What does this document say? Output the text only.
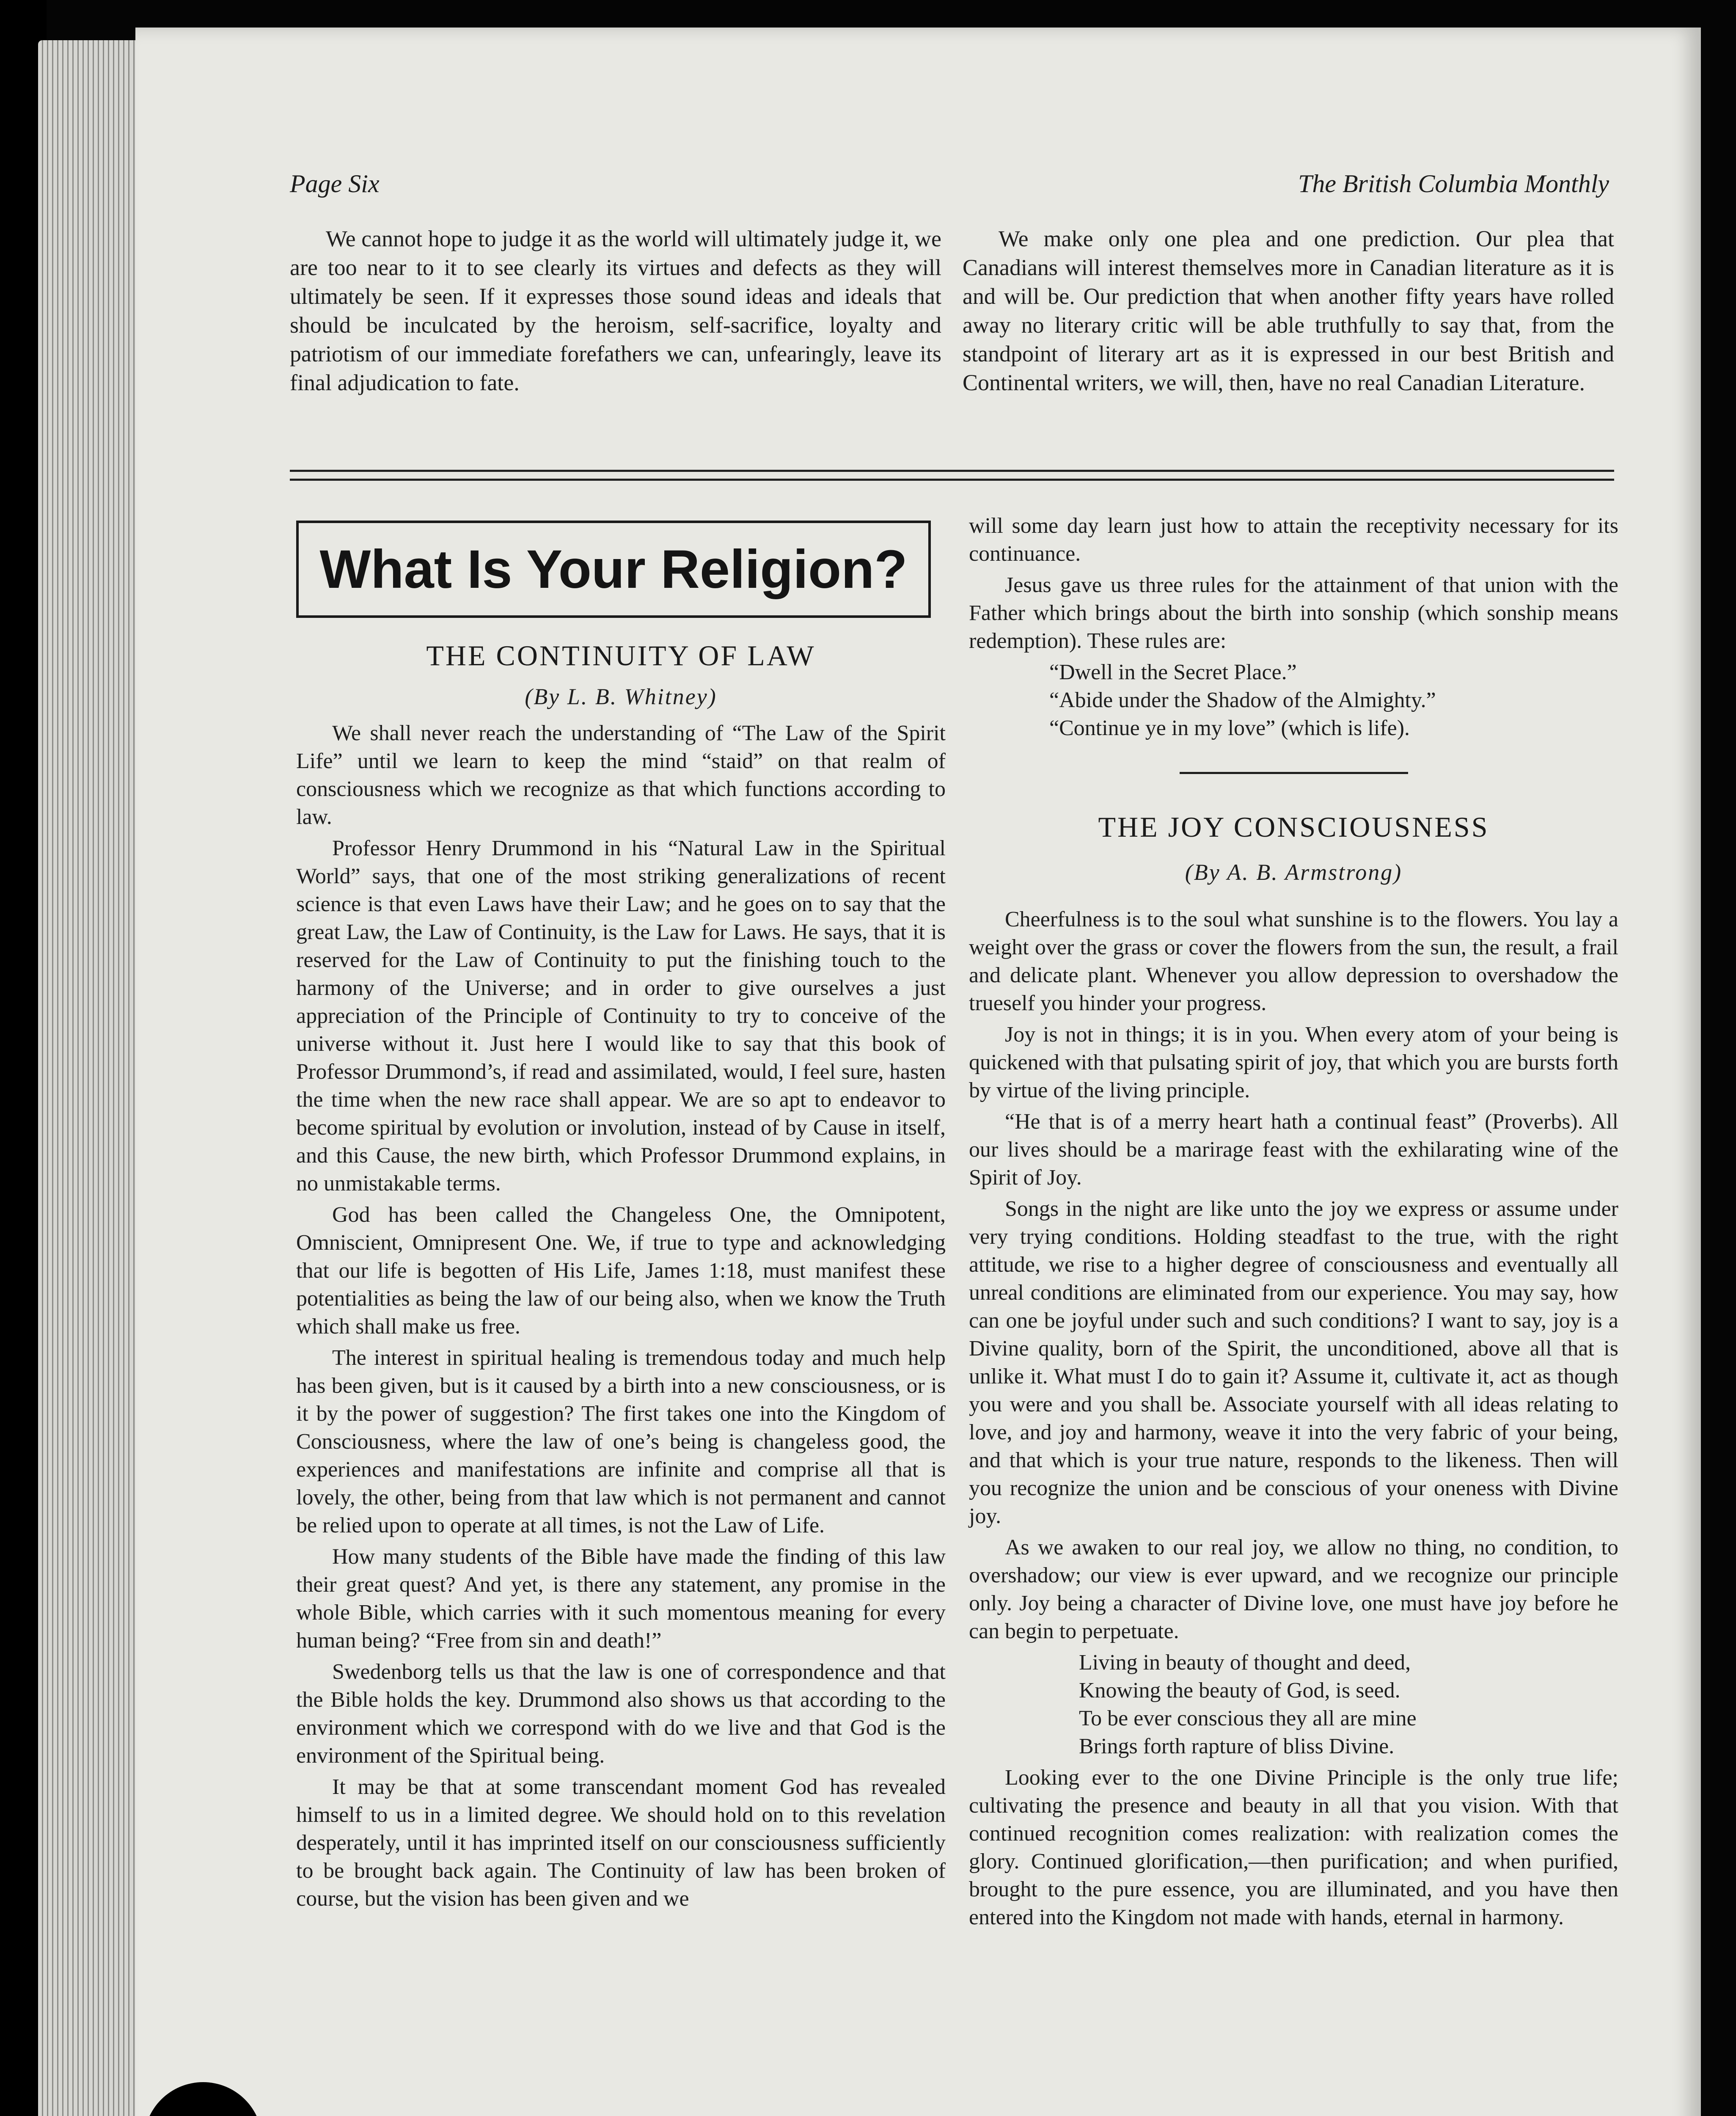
Page Six	The British Columbia Monthly

We cannot hope to judge it as the world will ultimately judge it, we are too near to it to see clearly its virtues and defects as they will ultimately be seen. If it expresses those sound ideas and ideals that should be inculcated by the heroism, self-sacrifice, loyalty and patriotism of our immediate forefathers we can, unfearingly, leave its final adjudication to fate.

We make only one plea and one prediction. Our plea that Canadians will interest themselves more in Canadian literature as it is and will be. Our prediction that when another fifty years have rolled away no literary critic will be able truthfully to say that, from the standpoint of literary art as it is expressed in our best British and Continental writers, we will, then, have no real Canadian Literature.

What Is Your Religion?
THE CONTINUITY OF LAW
(By L. B. Whitney)

We shall never reach the understanding of “The Law of the Spirit Life” until we learn to keep the mind “staid” on that realm of consciousness which we recognize as that which functions according to law.

Professor Henry Drummond in his “Natural Law in the Spiritual World” says, that one of the most striking generalizations of recent science is that even Laws have their Law; and he goes on to say that the great Law, the Law of Continuity, is the Law for Laws. He says, that it is reserved for the Law of Continuity to put the finishing touch to the harmony of the Universe; and in order to give ourselves a just appreciation of the Principle of Continuity to try to conceive of the universe without it. Just here I would like to say that this book of Professor Drummond’s, if read and assimilated, would, I feel sure, hasten the time when the new race shall appear. We are so apt to endeavor to become spiritual by evolution or involution, instead of by Cause in itself, and this Cause, the new birth, which Professor Drummond explains, in no unmistakable terms.

God has been called the Changeless One, the Omnipotent, Omniscient, Omnipresent One. We, if true to type and acknowledging that our life is begotten of His Life, James 1:18, must manifest these potentialities as being the law of our being also, when we know the Truth which shall make us free.

The interest in spiritual healing is tremendous today and much help has been given, but is it caused by a birth into a new consciousness, or is it by the power of suggestion? The first takes one into the Kingdom of Consciousness, where the law of one’s being is changeless good, the experiences and manifestations are infinite and comprise all that is lovely, the other, being from that law which is not permanent and cannot be relied upon to operate at all times, is not the Law of Life.

How many students of the Bible have made the finding of this law their great quest? And yet, is there any statement, any promise in the whole Bible, which carries with it such momentous meaning for every human being? “Free from sin and death!”

Swedenborg tells us that the law is one of correspondence and that the Bible holds the key. Drummond also shows us that according to the environment which we correspond with do we live and that God is the environment of the Spiritual being.

It may be that at some transcendant moment God has revealed himself to us in a limited degree. We should hold on to this revelation desperately, until it has imprinted itself on our consciousness sufficiently to be brought back again. The Continuity of law has been broken of course, but the vision has been given and we

will some day learn just how to attain the receptivity necessary for its continuance.

Jesus gave us three rules for the attainment of that union with the Father which brings about the birth into sonship (which sonship means redemption). These rules are:

“Dwell in the Secret Place.”
“Abide under the Shadow of the Almighty.”
“Continue ye in my love” (which is life).
THE JOY CONSCIOUSNESS
(By A. B. Armstrong)

Cheerfulness is to the soul what sunshine is to the flowers. You lay a weight over the grass or cover the flowers from the sun, the result, a frail and delicate plant. Whenever you allow depression to overshadow the trueself you hinder your progress.

Joy is not in things; it is in you. When every atom of your being is quickened with that pulsating spirit of joy, that which you are bursts forth by virtue of the living principle.

“He that is of a merry heart hath a continual feast” (Proverbs). All our lives should be a marirage feast with the exhilarating wine of the Spirit of Joy.

Songs in the night are like unto the joy we express or assume under very trying conditions. Holding steadfast to the true, with the right attitude, we rise to a higher degree of consciousness and eventually all unreal conditions are eliminated from our experience. You may say, how can one be joyful under such and such conditions? I want to say, joy is a Divine quality, born of the Spirit, the unconditioned, above all that is unlike it. What must I do to gain it? Assume it, cultivate it, act as though you were and you shall be. Associate yourself with all ideas relating to love, and joy and harmony, weave it into the very fabric of your being, and that which is your true nature, responds to the likeness. Then will you recognize the union and be conscious of your oneness with Divine joy.

As we awaken to our real joy, we allow no thing, no condition, to overshadow; our view is ever upward, and we recognize our principle only. Joy being a character of Divine love, one must have joy before he can begin to perpetuate.

Living in beauty of thought and deed,
Knowing the beauty of God, is seed.
To be ever conscious they all are mine
Brings forth rapture of bliss Divine.

Looking ever to the one Divine Principle is the only true life; cultivating the presence and beauty in all that you vision. With that continued recognition comes realization: with realization comes the glory. Continued glorification,—then purification; and when purified, brought to the pure essence, you are illuminated, and you have then entered into the Kingdom not made with hands, eternal in harmony.
